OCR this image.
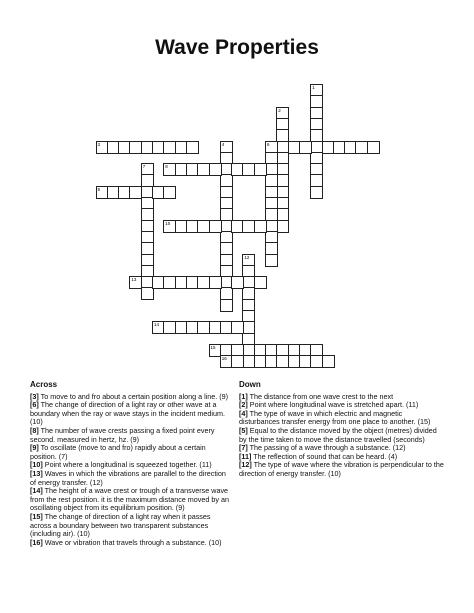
Wave Properties
1
2
3	4	6
7	8
9
10
12
13
14
15
16
Across
[3] To move to and fro about a certain position along a line. (9)
[6] The change of direction of a light ray or other wave at a boundary when the ray or wave stays in the incident medium. (10)
[8] The number of wave crests passing a fixed point every second. measured in hertz, hz. (9)
[9] To oscillate (move to and fro) rapidly about a certain position. (7)
[10] Point where a longitudinal is squeezed together. (11)
[13] Waves in which the vibrations are parallel to the direction of energy transfer. (12)
[14] The height of a wave crest or trough of a transverse wave from the rest position. it is the maximum distance moved by an oscillating object from its equilibrium position. (9)
[15] The change of direction of a light ray when it passes across a boundary between two transparent substances (including air). (10)
[16] Wave or vibration that travels through a substance. (10)
Down
[1] The distance from one wave crest to the next
[2] Point where longitudinal wave is stretched apart. (11)
[4] The type of wave in which electric and magnetic disturbances transfer energy from one place to another. (15)
[5] Equal to the distance moved by the object (metres) divided by the time taken to move the distance travelled (seconds)
[7] The passing of a wave through a substance. (12)
[11] The reflection of sound that can be heard. (4)
[12] The type of wave where the vibration is perpendicular to the direction of energy transfer. (10)
